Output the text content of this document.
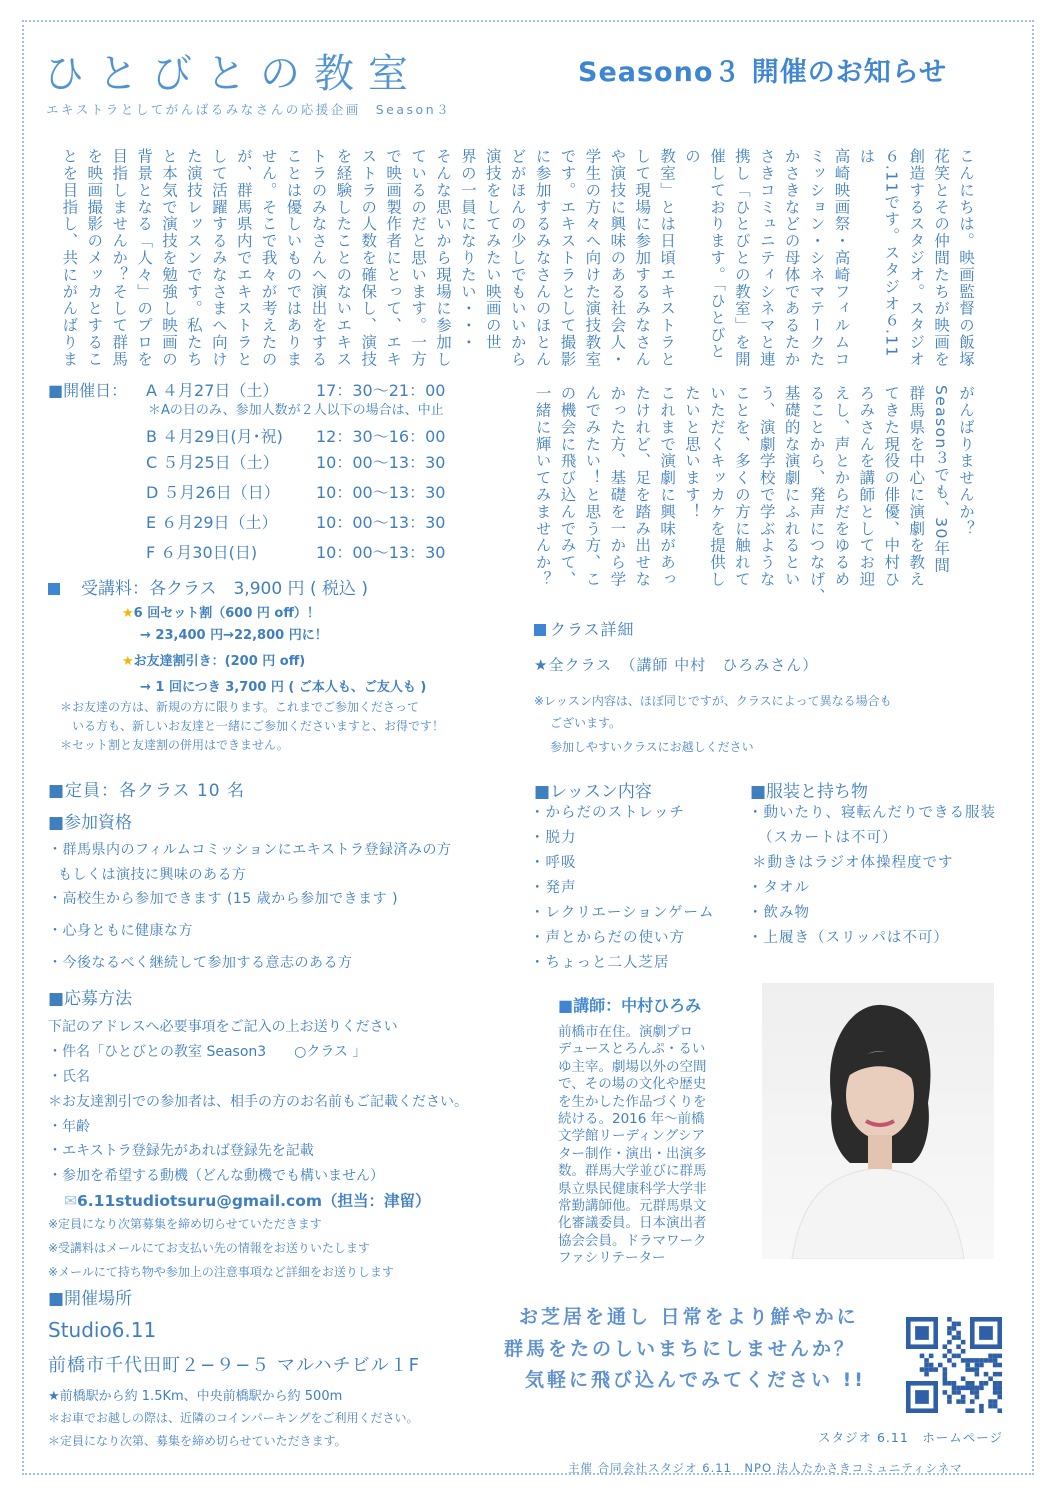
ひとびとの教室
エキストラとしてがんばるみなさんの応援企画　Season３
Seasono３ 開催のお知らせ
こんにちは。映画監督の飯塚
花笑とその仲間たちが映画を
創造するスタジオ。スタジオ
６.11です。スタジオ６.11は
高崎映画祭・高崎フィルムコ
ミッション・シネマテークた
かさきなどの母体であるたか
さきコミュニティシネマと連
携し「ひとびとの教室」を開
催しております。「ひとびとの
教室」とは日頃エキストラと
して現場に参加するみなさん
や演技に興味のある社会人・
学生の方々へ向けた演技教室
です。エキストラとして撮影
に参加するみなさんのほとん
どがほんの少しでもいいから
演技をしてみたい映画の世
界の一員になりたい・・・
そんな思いから現場に参加し
ているのだと思います。一方
で映画製作者にとって、エキ
ストラの人数を確保し、演技
を経験したことのないエキス
トラのみなさんへ演出をする
ことは優しいものではありま
せん。そこで我々が考えたの
が、群馬県内でエキストラと
して活躍するみなさまへ向け
た演技レッスンです。私たち
と本気で演技を勉強し映画の
背景となる「人々」のプロを
目指しませんか？そして群馬
を映画撮影のメッカとするこ
とを目指し、共にがんばりま
がんばりませんか？
Season３でも、30年間
群馬県を中心に演劇を教え
てきた現役の俳優、中村ひ
ろみさんを講師としてお迎
えし、声とからだをゆるめ
ることから、発声につなげ、
基礎的な演劇にふれるとい
う、演劇学校で学ぶような
ことを、多くの方に触れて
いただくキッカケを提供し
たいと思います！
これまで演劇に興味があっ
たけれど、足を踏み出せな
かった方、基礎を一から学
んでみたい！と思う方、こ
の機会に飛び込んでみて、
一緒に輝いてみませんか？
■開催日： A ４月27日（土） 17：30〜21：00
B ４月29日(月･祝) 12：30〜16：00
C ５月25日（土） 10：00〜13：30
D ５月26日（日） 10：00〜13：30
E ６月29日（土） 10：00〜13：30
F ６月30日(日)	10：00〜13：30
＊Aの日のみ、参加人数が２人以下の場合は、中止
　受講料：各クラス　3,900 円 ( 税込 )
★6 回セット割（600 円 off）！
→ 23,400 円→22,800 円に！
★お友達割引き：(200 円 off)
→ 1 回につき 3,700 円 ( ご本人も、ご友人も )
＊お友達の方は、新規の方に限ります。これまでご参加くださって
いる方も、新しいお友達と一緒にご参加くださいますと、お得です！
＊セット割と友達割の併用はできません。
■定員：各クラス 10 名
■参加資格
・群馬県内のフィルムコミッションにエキストラ登録済みの方
もしくは演技に興味のある方
・高校生から参加できます (15 歳から参加できます )
・心身ともに健康な方
・今後なるべく継続して参加する意志のある方
■応募方法
下記のアドレスへ必要事項をご記入の上お送りください
・件名「ひとびとの教室 Season3　　○クラス 」
・氏名
＊お友達割引での参加者は、相手の方のお名前もご記載ください。
・年齢
・エキストラ登録先があれば登録先を記載
・参加を希望する動機（どんな動機でも構いません）
✉6.11studiotsuru@gmail.com（担当：津留）
※定員になり次第募集を締め切らせていただきます
※受講料はメールにてお支払い先の情報をお送りいたします
※メールにて持ち物や参加上の注意事項など詳細をお送りします
■開催場所
Studio6.11
前橋市千代田町２−９−５ マルハチビル１F
★前橋駅から約 1.5Km、中央前橋駅から約 500m
＊お車でお越しの際は、近隣のコインパーキングをご利用ください。
＊定員になり次第、募集を締め切らせていただきます。
クラス詳細
★全クラス　（講師 中村　ひろみさん）
※レッスン内容は、ほぼ同じですが、クラスによって異なる場合も
ございます。
参加しやすいクラスにお越しください
■レッスン内容
・からだのストレッチ
・脱力
・呼吸
・発声
・レクリエーションゲーム
・声とからだの使い方
・ちょっと二人芝居
■服装と持ち物
・動いたり、寝転んだりできる服装
（スカートは不可）
＊動きはラジオ体操程度です
・タオル
・飲み物
・上履き（スリッパは不可）
■講師：中村ひろみ
前橋市在住。演劇プロ
デュースとろんぷ・るい
ゆ主宰。劇場以外の空間
で、その場の文化や歴史
を生かした作品づくりを
続ける。2016 年〜前橋
文学館リーディングシア
ター制作・演出・出演多
数。群馬大学並びに群馬
県立県民健康科学大学非
常勤講師他。元群馬県文
化審議委員。日本演出者
協会会員。ドラマワーク
ファシリテーター
お芝居を通し 日常をより鮮やかに
群馬をたのしいまちにしませんか？
気軽に飛び込んでみてください !!
スタジオ 6.11　ホームページ
主催 合同会社スタジオ 6.11　NPO 法人たかさきコミュニティシネマ
